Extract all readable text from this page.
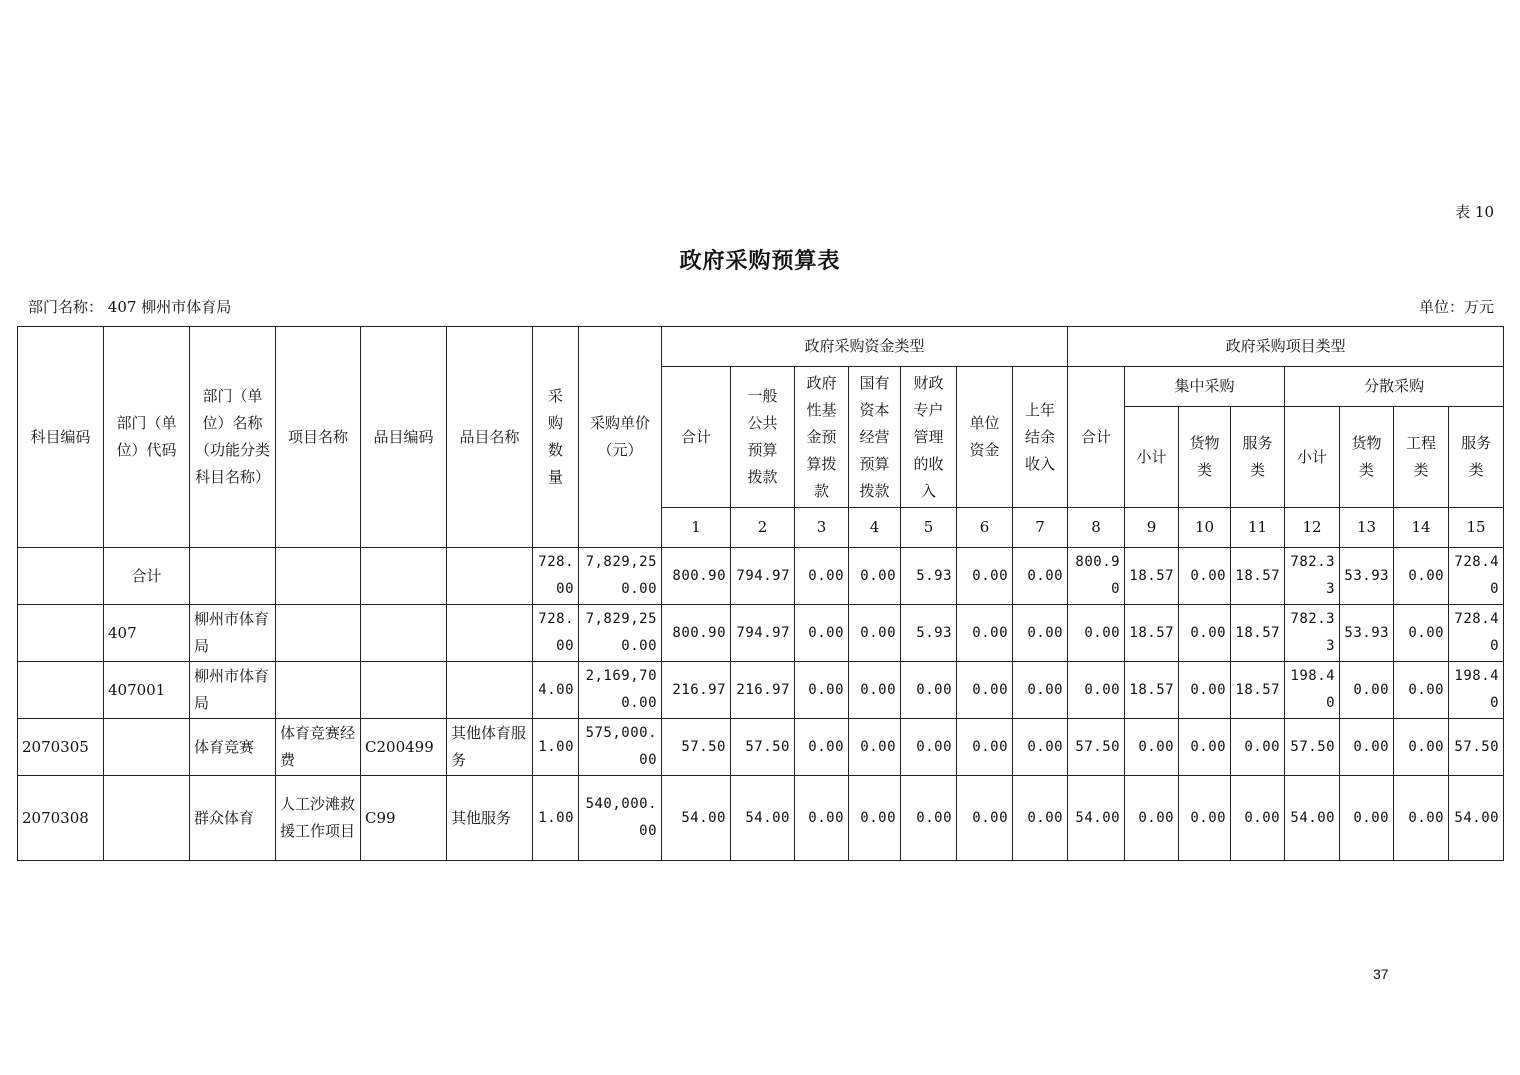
表 10
政府采购预算表
部门名称： 407 柳州市体育局	单位：万元
科目编码	部门（单位）代码	部门（单位）名称（功能分类科目名称）	项目名称	品目编码	品目名称	采购数量	采购单价（元）	政府采购资金类型							政府采购项目类型							
								合计	一般公共预算拨款	政府性基金预算拨款	国有资本经营预算拨款	财政专户管理的收入	单位资金	上年结余收入	合计	集中采购			分散采购			
																小计	货物类	服务类	小计	货物类	工程类	服务类
								1	2	3	4	5	6	7	8	9	10	11	12	13	14	15
	合计					728.00	7,829,250.00	800.90	794.97	0.00	0.00	5.93	0.00	0.00	800.90	18.57	0.00	18.57	782.33	53.93	0.00	728.40
	407	柳州市体育局				728.00	7,829,250.00	800.90	794.97	0.00	0.00	5.93	0.00	0.00	0.00	18.57	0.00	18.57	782.33	53.93	0.00	728.40
	407001	柳州市体育局				4.00	2,169,700.00	216.97	216.97	0.00	0.00	0.00	0.00	0.00	0.00	18.57	0.00	18.57	198.40	0.00	0.00	198.40
2070305		体育竞赛	体育竞赛经费	C200499	其他体育服务	1.00	575,000.00	57.50	57.50	0.00	0.00	0.00	0.00	0.00	57.50	0.00	0.00	0.00	57.50	0.00	0.00	57.50
2070308		群众体育	人工沙滩救援工作项目	C99	其他服务	1.00	540,000.00	54.00	54.00	0.00	0.00	0.00	0.00	0.00	54.00	0.00	0.00	0.00	54.00	0.00	0.00	54.00
37
